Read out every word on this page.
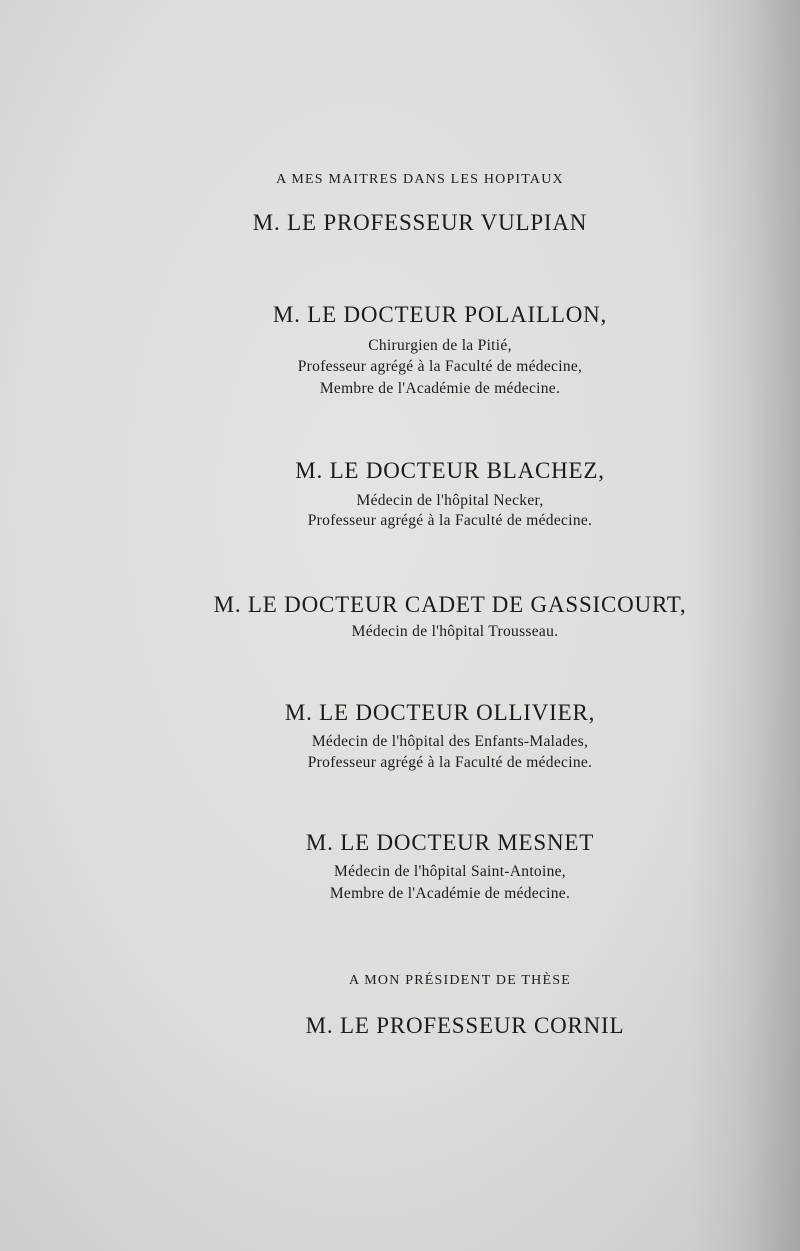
A MES MAITRES DANS LES HOPITAUX
M. LE PROFESSEUR VULPIAN
M. LE DOCTEUR POLAILLON,
Chirurgien de la Pitié,
Professeur agrégé à la Faculté de médecine,
Membre de l'Académie de médecine.
M. LE DOCTEUR BLACHEZ,
Médecin de l'hôpital Necker,
Professeur agrégé à la Faculté de médecine.
M. LE DOCTEUR CADET DE GASSICOURT,
Médecin de l'hôpital Trousseau.
M. LE DOCTEUR OLLIVIER,
Médecin de l'hôpital des Enfants-Malades,
Professeur agrégé à la Faculté de médecine.
M. LE DOCTEUR MESNET
Médecin de l'hôpital Saint-Antoine,
Membre de l'Académie de médecine.
A MON PRÉSIDENT DE THÈSE
M. LE PROFESSEUR CORNIL
